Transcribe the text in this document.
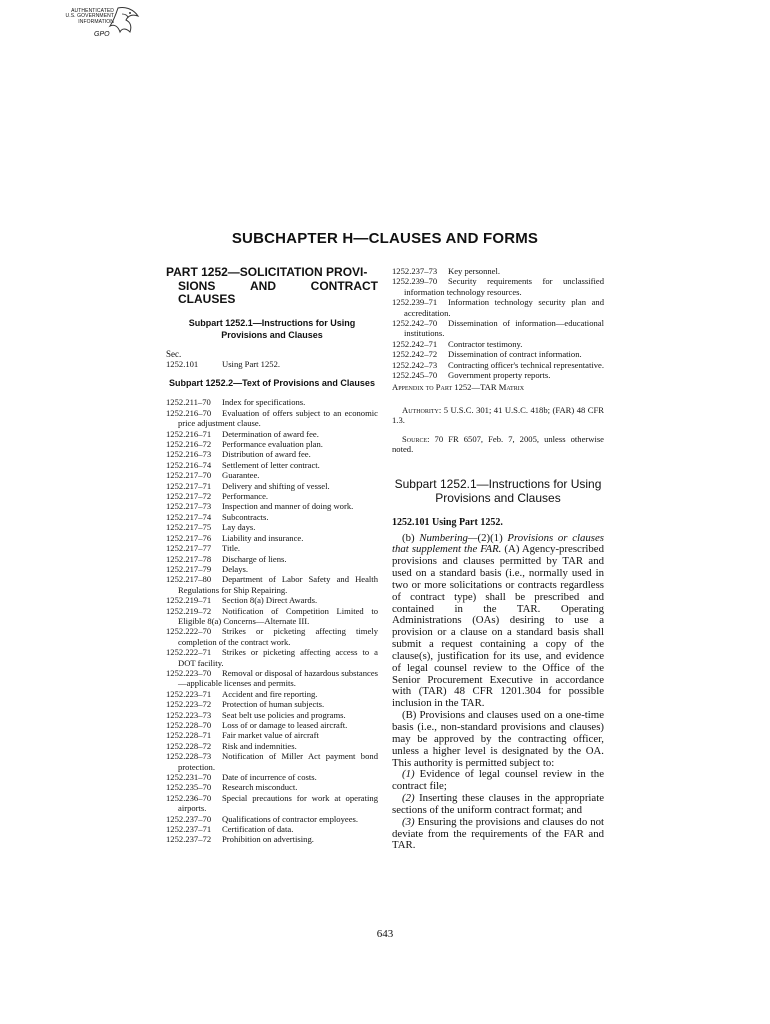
AUTHENTICATED
U.S. GOVERNMENT
INFORMATION
GPO
SUBCHAPTER H—CLAUSES AND FORMS
PART 1252—SOLICITATION PROVI-
SIONS	AND	CONTRACT
CLAUSES
Subpart 1252.1—Instructions for Using Provisions and Clauses
Sec.
1252.101	Using Part 1252.
Subpart 1252.2—Text of Provisions and Clauses
1252.211–70 Index for specifications.
1252.216–70 Evaluation of offers subject to an economic price adjustment clause.
1252.216–71 Determination of award fee.
1252.216–72 Performance evaluation plan.
1252.216–73 Distribution of award fee.
1252.216–74 Settlement of letter contract.
1252.217–70 Guarantee.
1252.217–71 Delivery and shifting of vessel.
1252.217–72 Performance.
1252.217–73 Inspection and manner of doing work.
1252.217–74 Subcontracts.
1252.217–75 Lay days.
1252.217–76 Liability and insurance.
1252.217–77 Title.
1252.217–78 Discharge of liens.
1252.217–79 Delays.
1252.217–80 Department of Labor Safety and Health Regulations for Ship Repairing.
1252.219–71 Section 8(a) Direct Awards.
1252.219–72 Notification of Competition Limited to Eligible 8(a) Concerns—Alternate III.
1252.222–70 Strikes or picketing affecting timely completion of the contract work.
1252.222–71 Strikes or picketing affecting access to a DOT facility.
1252.223–70 Removal or disposal of hazardous substances—applicable licenses and permits.
1252.223–71 Accident and fire reporting.
1252.223–72 Protection of human subjects.
1252.223–73 Seat belt use policies and programs.
1252.228–70 Loss of or damage to leased aircraft.
1252.228–71 Fair market value of aircraft
1252.228–72 Risk and indemnities.
1252.228–73 Notification of Miller Act payment bond protection.
1252.231–70 Date of incurrence of costs.
1252.235–70 Research misconduct.
1252.236–70 Special precautions for work at operating airports.
1252.237–70 Qualifications of contractor employees.
1252.237–71 Certification of data.
1252.237–72 Prohibition on advertising.
1252.237–73 Key personnel.
1252.239–70 Security requirements for unclassified information technology resources.
1252.239–71 Information technology security plan and accreditation.
1252.242–70 Dissemination of information—educational institutions.
1252.242–71 Contractor testimony.
1252.242–72 Dissemination of contract information.
1252.242–73 Contracting officer's technical representative.
1252.245–70 Government property reports.
Appendix to Part 1252—TAR Matrix

Authority: 5 U.S.C. 301; 41 U.S.C. 418b; (FAR) 48 CFR 1.3.

Source: 70 FR 6507, Feb. 7, 2005, unless otherwise noted.

Subpart 1252.1—Instructions for Using Provisions and Clauses
1252.101 Using Part 1252.

(b) Numbering—(2)(1) Provisions or clauses that supplement the FAR. (A) Agency-prescribed provisions and clauses permitted by TAR and used on a standard basis (i.e., normally used in two or more solicitations or contracts regardless of contract type) shall be prescribed and contained in the TAR. Operating Administrations (OAs) desiring to use a provision or a clause on a standard basis shall submit a request containing a copy of the clause(s), justification for its use, and evidence of legal counsel review to the Office of the Senior Procurement Executive in accordance with (TAR) 48 CFR 1201.304 for possible inclusion in the TAR.

(B) Provisions and clauses used on a one-time basis (i.e., non-standard provisions and clauses) may be approved by the contracting officer, unless a higher level is designated by the OA. This authority is permitted subject to:

(1) Evidence of legal counsel review in the contract file;

(2) Inserting these clauses in the appropriate sections of the uniform contract format; and

(3) Ensuring the provisions and clauses do not deviate from the requirements of the FAR and TAR.

643
